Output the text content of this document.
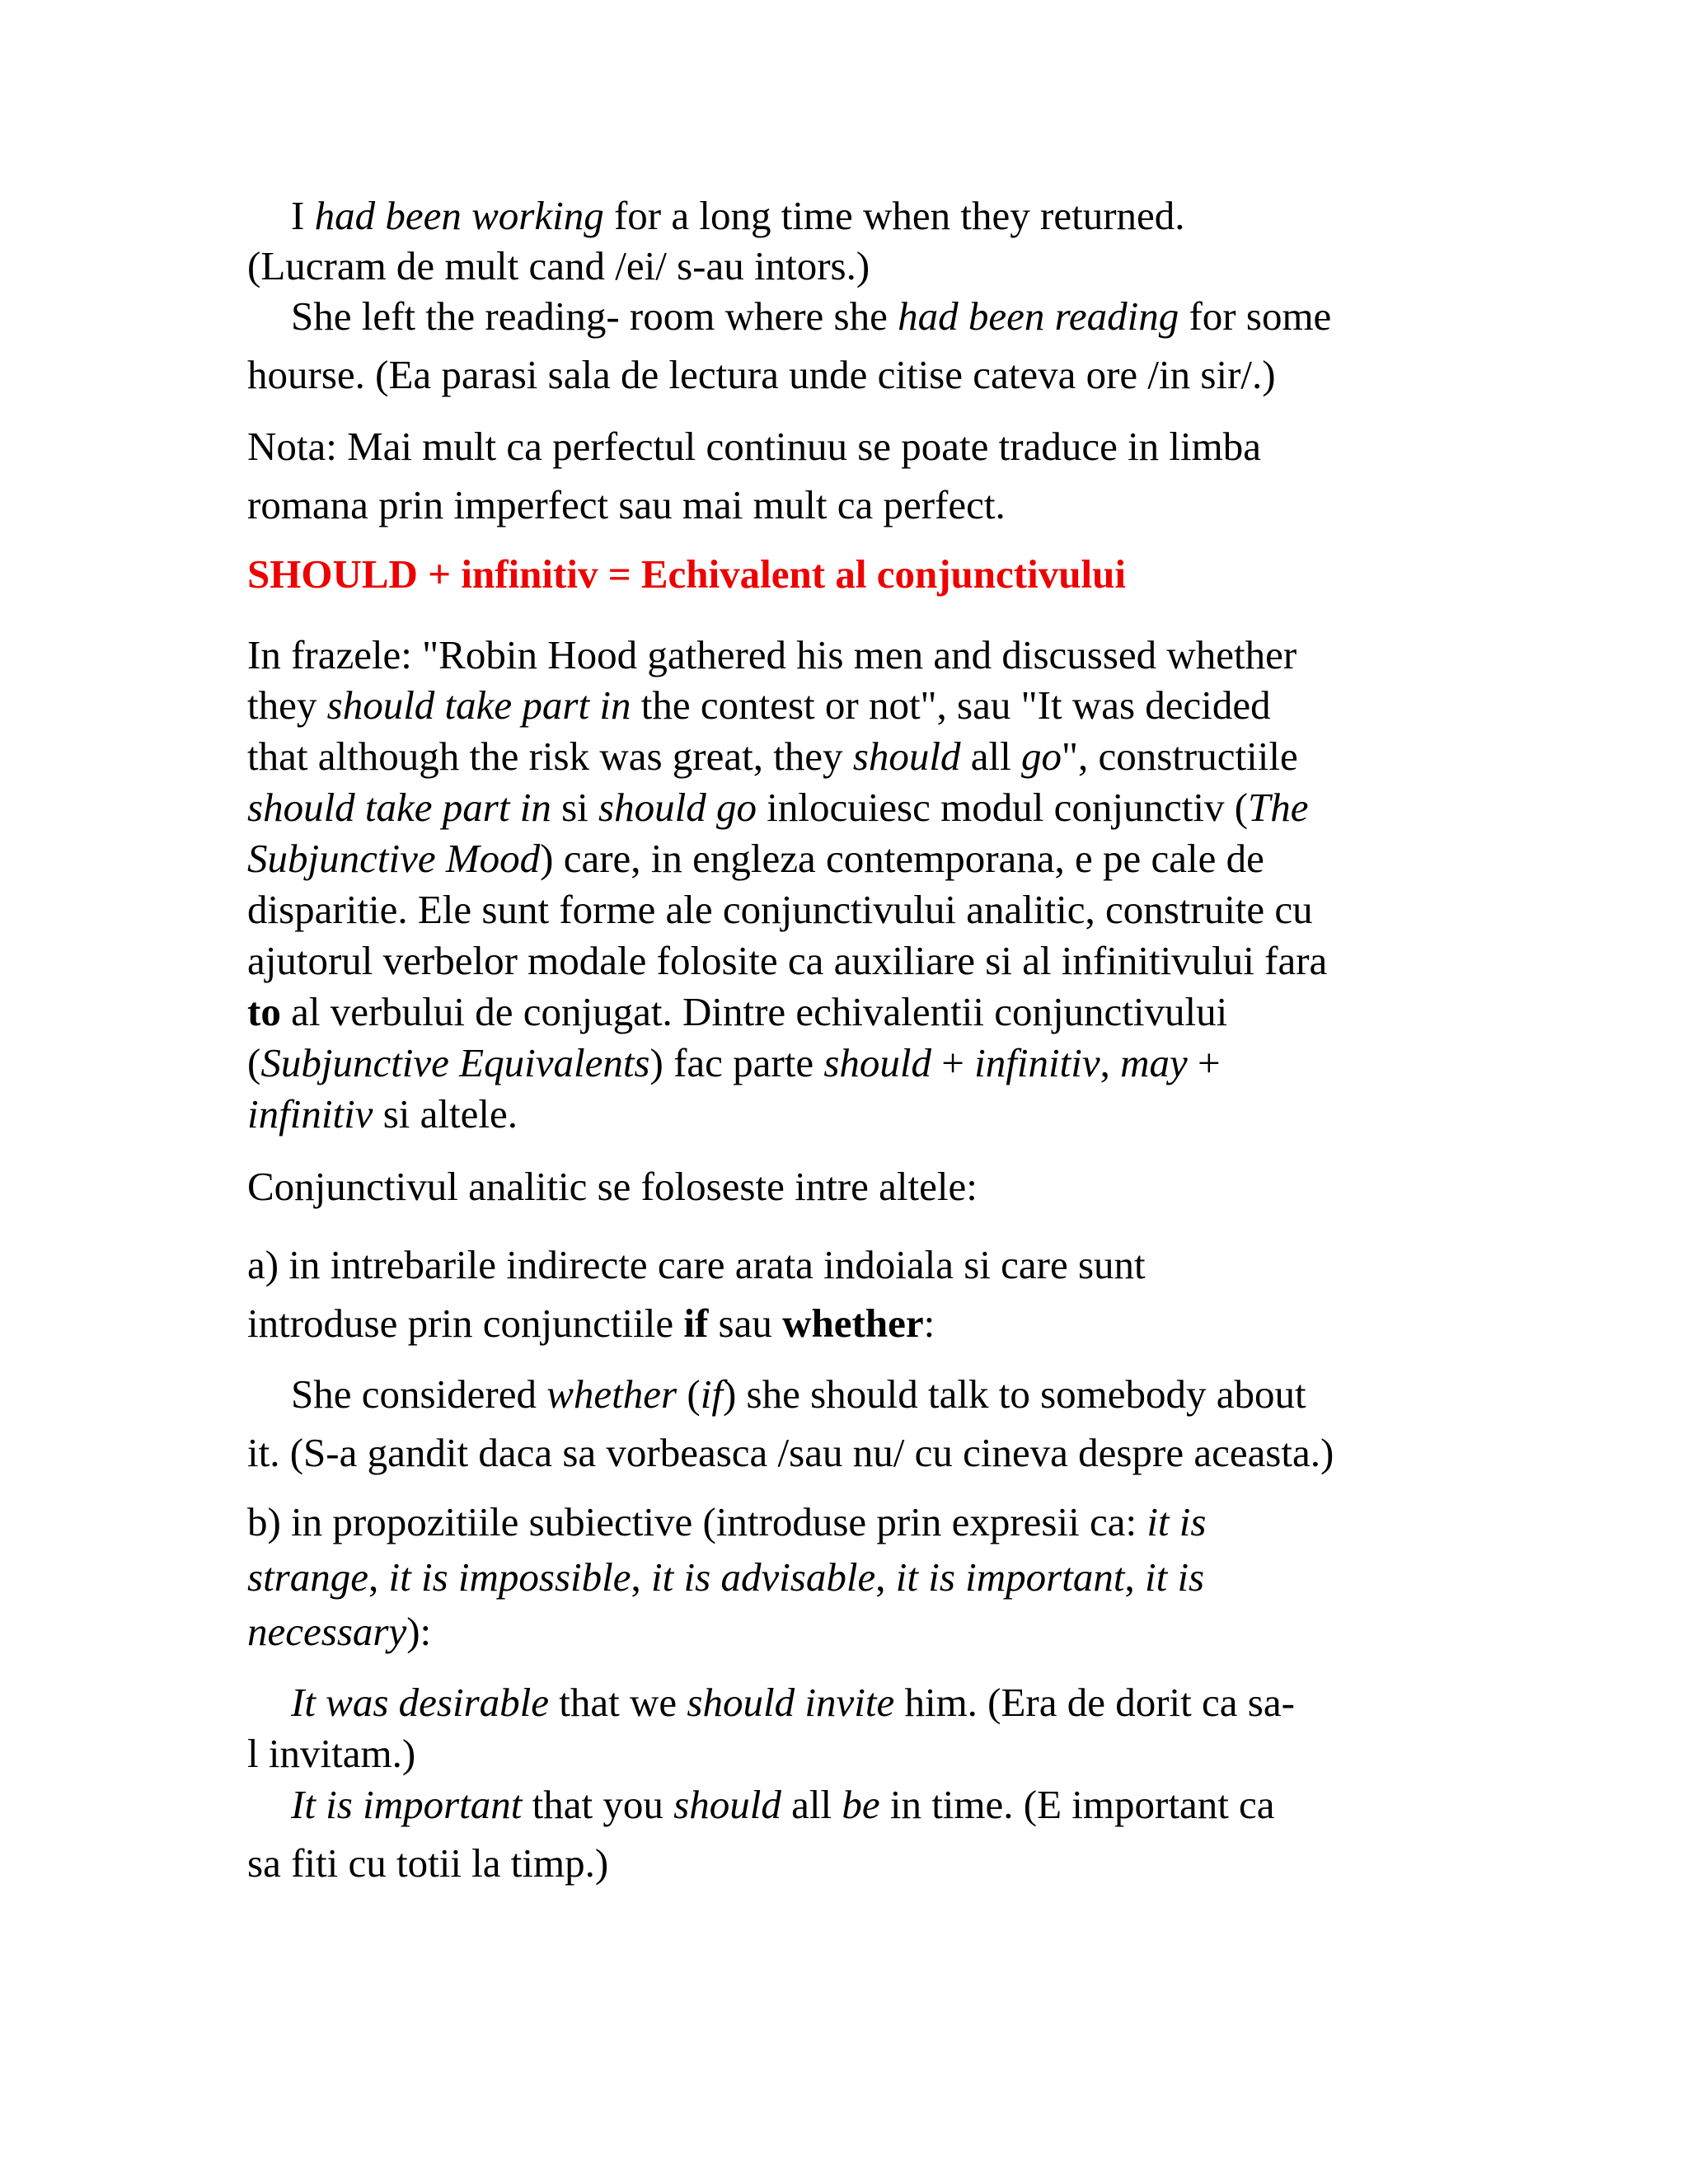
I had been working for a long time when they returned.
(Lucram de mult cand /ei/ s-au intors.)
She left the reading- room where she had been reading for some
hourse. (Ea parasi sala de lectura unde citise cateva ore /in sir/.)
Nota: Mai mult ca perfectul continuu se poate traduce in limba
romana prin imperfect sau mai mult ca perfect.
SHOULD + infinitiv = Echivalent al conjunctivului
In frazele: "Robin Hood gathered his men and discussed whether
they should take part in the contest or not", sau "It was decided
that although the risk was great, they should all go", constructiile
should take part in si should go inlocuiesc modul conjunctiv (The
Subjunctive Mood) care, in engleza contemporana, e pe cale de
disparitie. Ele sunt forme ale conjunctivului analitic, construite cu
ajutorul verbelor modale folosite ca auxiliare si al infinitivului fara
to al verbului de conjugat. Dintre echivalentii conjunctivului
(Subjunctive Equivalents) fac parte should + infinitiv, may +
infinitiv si altele.
Conjunctivul analitic se foloseste intre altele:
a) in intrebarile indirecte care arata indoiala si care sunt
introduse prin conjunctiile if sau whether:
She considered whether (if) she should talk to somebody about
it. (S-a gandit daca sa vorbeasca /sau nu/ cu cineva despre aceasta.)
b) in propozitiile subiective (introduse prin expresii ca: it is
strange, it is impossible, it is advisable, it is important, it is
necessary):
It was desirable that we should invite him. (Era de dorit ca sa-
l invitam.)
It is important that you should all be in time. (E important ca
sa fiti cu totii la timp.)
